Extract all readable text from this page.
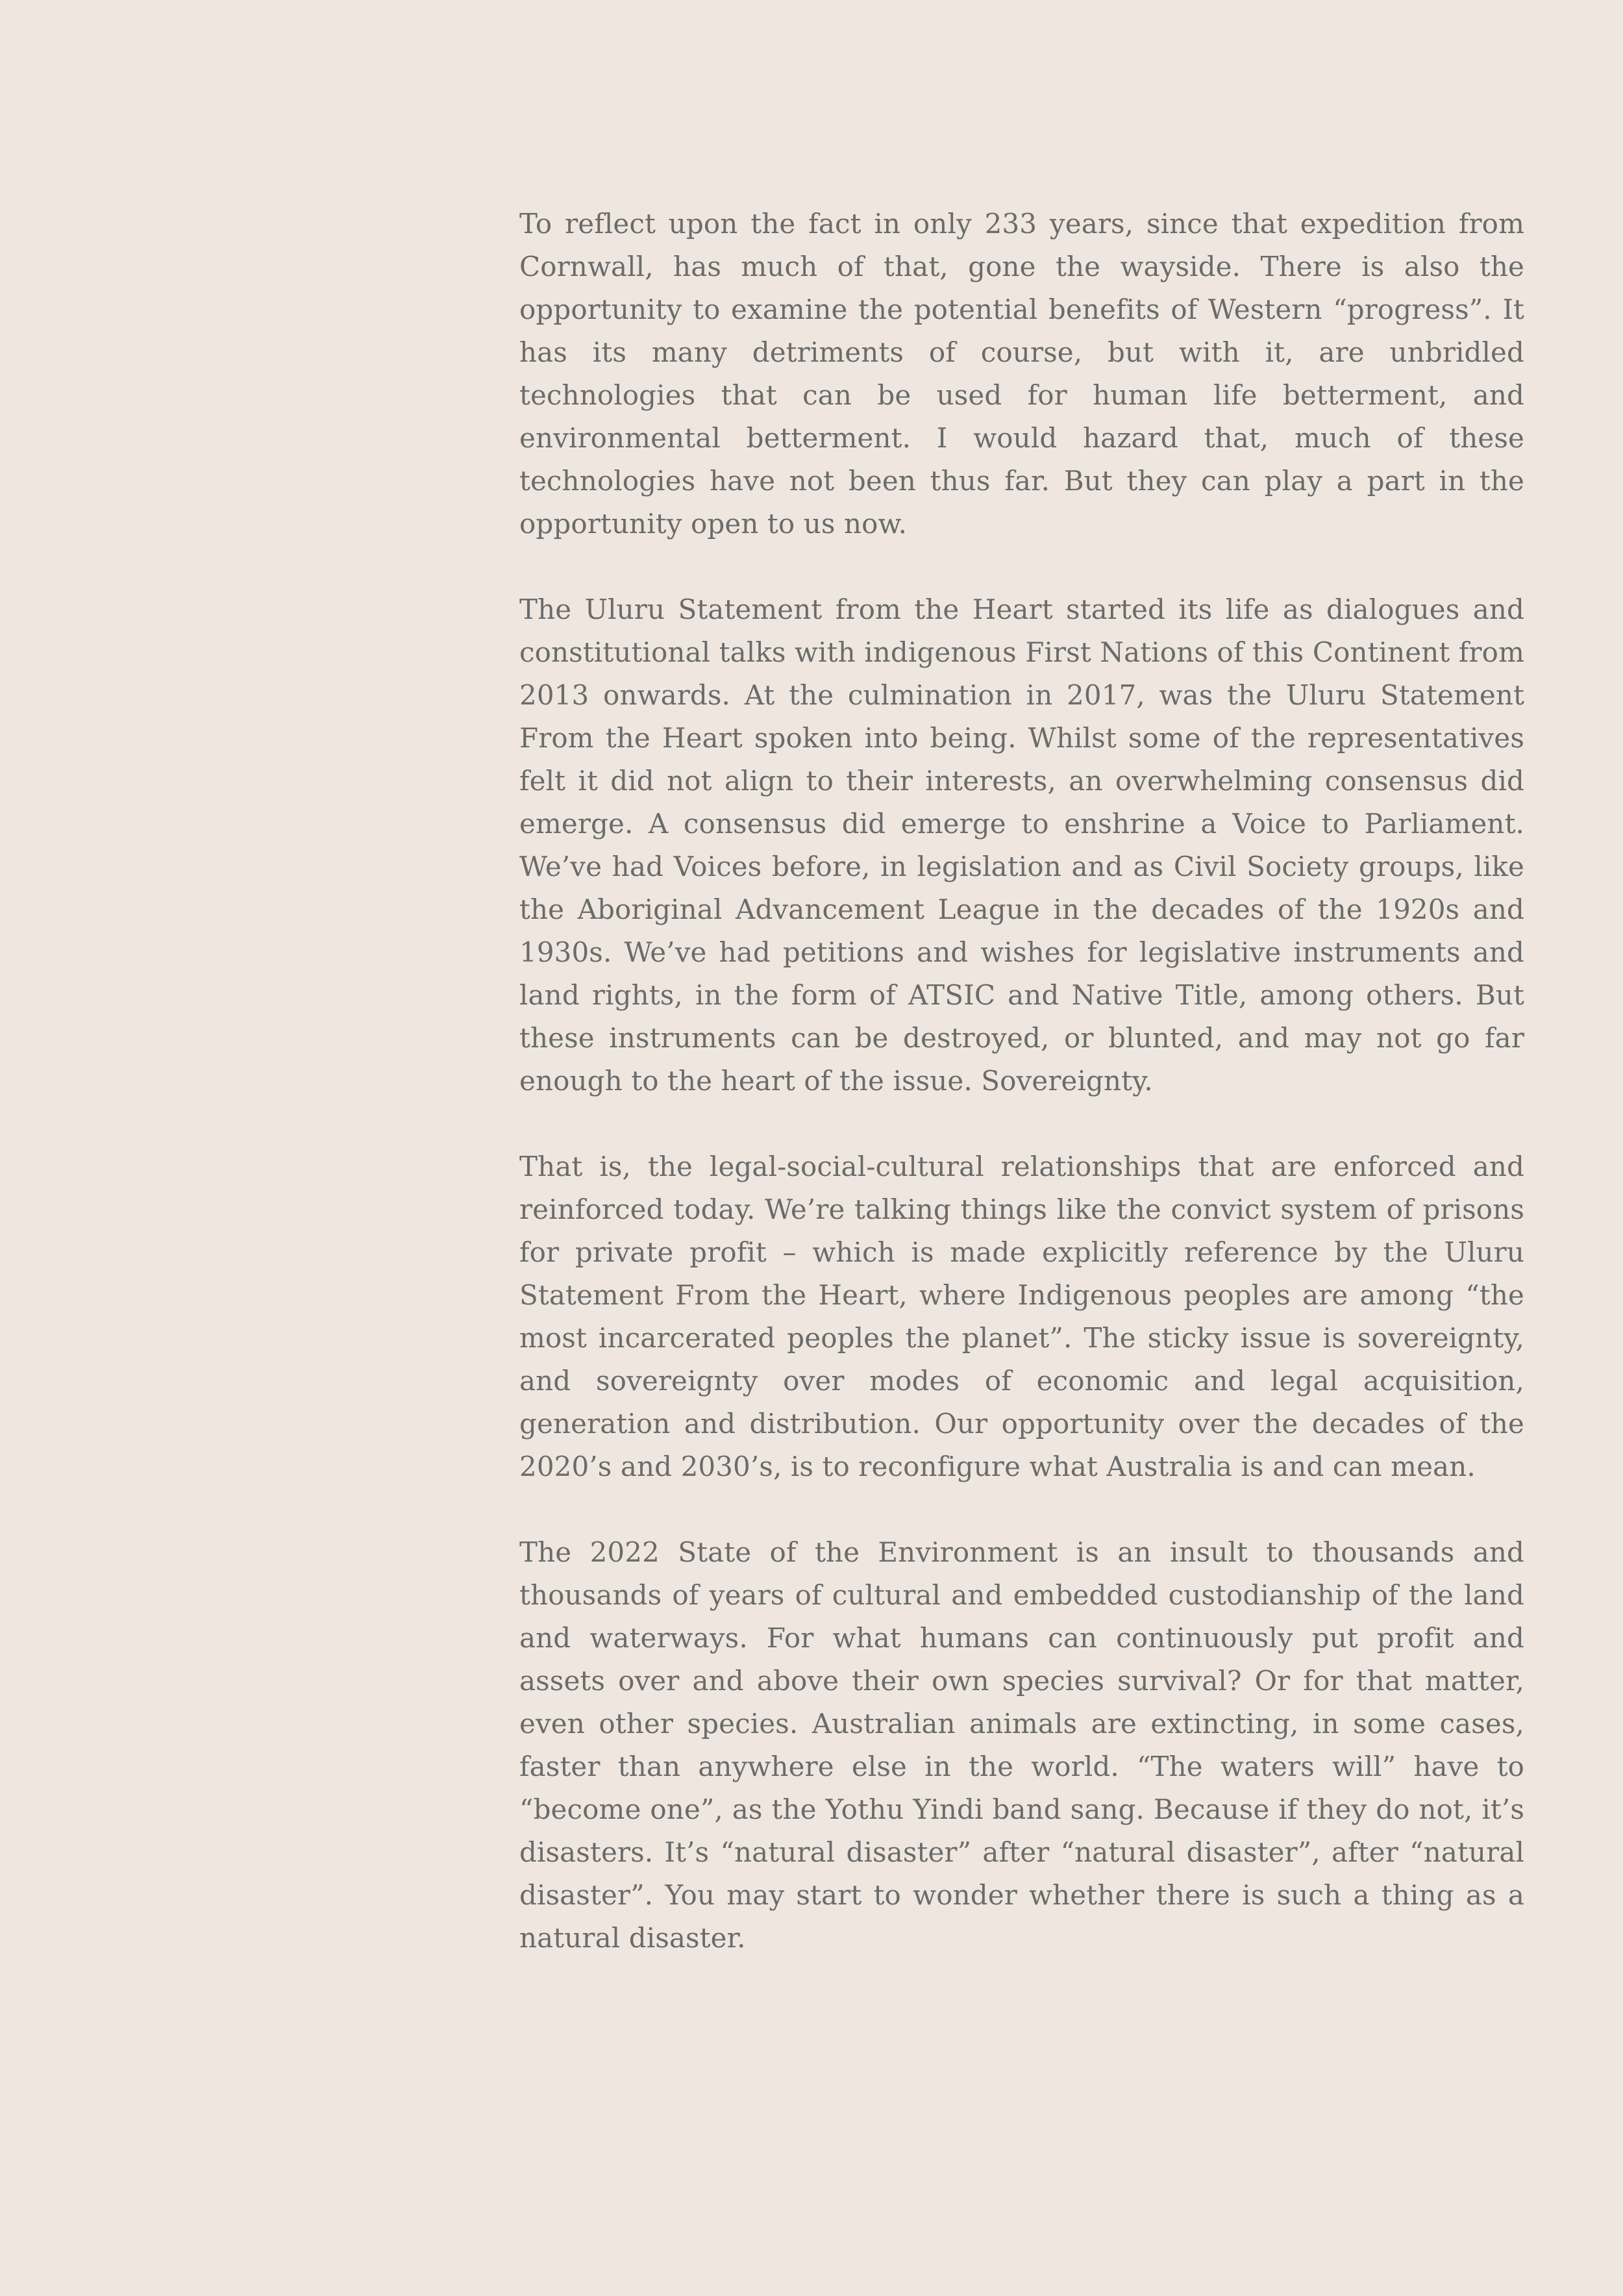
To reflect upon the fact in only 233 years, since that expedition from Cornwall, has much of that, gone the wayside. There is also the opportunity to examine the potential benefits of Western “progress”. It has its many detriments of course, but with it, are unbridled technologies that can be used for human life betterment, and environmental betterment. I would hazard that, much of these technologies have not been thus far. But they can play a part in the opportunity open to us now.

The Uluru Statement from the Heart started its life as dialogues and constitutional talks with indigenous First Nations of this Continent from 2013 onwards. At the culmination in 2017, was the Uluru Statement From the Heart spoken into being. Whilst some of the representatives felt it did not align to their interests, an overwhelming consensus did emerge. A consensus did emerge to enshrine a Voice to Parliament. We’ve had Voices before, in legislation and as Civil Society groups, like the Aboriginal Advancement League in the decades of the 1920s and 1930s. We’ve had petitions and wishes for legislative instruments and land rights, in the form of ATSIC and Native Title, among others. But these instruments can be destroyed, or blunted, and may not go far enough to the heart of the issue. Sovereignty.

That is, the legal-social-cultural relationships that are enforced and reinforced today. We’re talking things like the convict system of prisons for private profit – which is made explicitly reference by the Uluru Statement From the Heart, where Indigenous peoples are among “the most incarcerated peoples the planet”. The sticky issue is sovereignty, and sovereignty over modes of economic and legal acquisition, generation and distribution. Our opportunity over the decades of the 2020’s and 2030’s, is to reconfigure what Australia is and can mean.

The 2022 State of the Environment is an insult to thousands and thousands of years of cultural and embedded custodianship of the land and waterways. For what humans can continuously put profit and assets over and above their own species survival? Or for that matter, even other species. Australian animals are extincting, in some cases, faster than anywhere else in the world. “The waters will” have to “become one”, as the Yothu Yindi band sang. Because if they do not, it’s disasters. It’s “natural disaster” after “natural disaster”, after “natural disaster”. You may start to wonder whether there is such a thing as a natural disaster.
